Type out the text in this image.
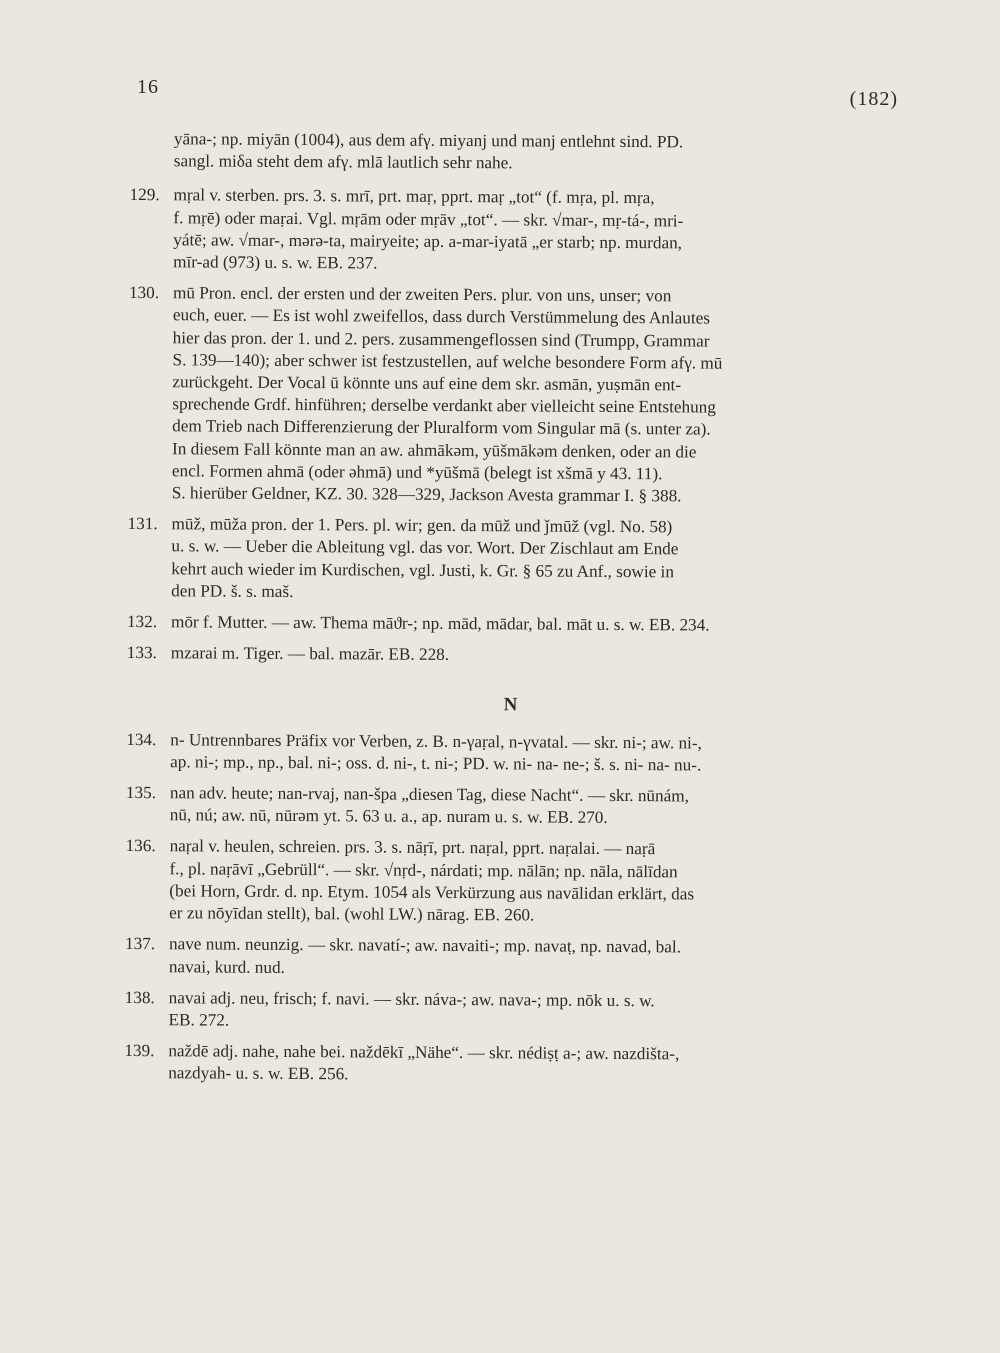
16
(182)

yāna-; np. miyān (1004), aus dem afγ. miyanj und manj entlehnt sind. PD.

sangl. miδa steht dem afγ. mlā lautlich sehr nahe.

129. mṛal v. sterben. prs. 3. s. mrī, prt. maṛ, pprt. maṛ „tot“ (f. mṛa, pl. mṛa,

f. mṛē) oder maṛai. Vgl. mṛām oder mṛāv „tot“. — skr. √mar-, mṛ-tá-, mri-

yátē; aw. √mar-, mərə-ta, mairyeite; ap. a-mar-iyatā „er starb; np. murdan,

mīr-ad (973) u. s. w. EB. 237.

130. mū Pron. encl. der ersten und der zweiten Pers. plur. von uns, unser; von

euch, euer. — Es ist wohl zweifellos, dass durch Verstümmelung des Anlautes

hier das pron. der 1. und 2. pers. zusammengeflossen sind (Trumpp, Grammar

S. 139—140); aber schwer ist festzustellen, auf welche besondere Form afγ. mū

zurückgeht. Der Vocal ū könnte uns auf eine dem skr. asmān, yuṣmān ent-

sprechende Grdf. hinführen; derselbe verdankt aber vielleicht seine Entstehung

dem Trieb nach Differenzierung der Pluralform vom Singular mā (s. unter za).

In diesem Fall könnte man an aw. ahmākəm, yūšmākəm denken, oder an die

encl. Formen ahmā (oder əhmā) und *yūšmā (belegt ist xšmā y 43. 11).

S. hierüber Geldner, KZ. 30. 328—329, Jackson Avesta grammar I. § 388.

131. mūž, mūža pron. der 1. Pers. pl. wir; gen. da mūž und ǰmūž (vgl. No. 58)

u. s. w. — Ueber die Ableitung vgl. das vor. Wort. Der Zischlaut am Ende

kehrt auch wieder im Kurdischen, vgl. Justi, k. Gr. § 65 zu Anf., sowie in

den PD. š. s. maš.

132. mōr f. Mutter. — aw. Thema māϑr-; np. mād, mādar, bal. māt u. s. w. EB. 234.

133. mzarai m. Tiger. — bal. mazār. EB. 228.

N

134. n- Untrennbares Präfix vor Verben, z. B. n-γaṛal, n-γvatal. — skr. ni-; aw. ni-,

ap. ni-; mp., np., bal. ni-; oss. d. ni-, t. ni-; PD. w. ni- na- ne-; š. s. ni- na- nu-.

135. nan adv. heute; nan-rvaj, nan-špa „diesen Tag, diese Nacht“. — skr. nūnám,

nū, nú; aw. nū, nūrəm yt. 5. 63 u. a., ap. nuram u. s. w. EB. 270.

136. naṛal v. heulen, schreien. prs. 3. s. nāṛī, prt. naṛal, pprt. naṛalai. — naṛā

f., pl. naṛāvī „Gebrüll“. — skr. √nṛd-, nárdati; mp. nālān; np. nāla, nālīdan

(bei Horn, Grdr. d. np. Etym. 1054 als Verkürzung aus navālidan erklärt, das

er zu nōyīdan stellt), bal. (wohl LW.) nārag. EB. 260.

137. nave num. neunzig. — skr. navatí-; aw. navaiti-; mp. navaṭ, np. navad, bal.

navai, kurd. nud.

138. navai adj. neu, frisch; f. navi. — skr. náva-; aw. nava-; mp. nōk u. s. w.

EB. 272.

139. naždē adj. nahe, nahe bei. naždēkī „Nähe“. — skr. nédiṣṭ a-; aw. nazdišta-,

nazdyah- u. s. w. EB. 256.
